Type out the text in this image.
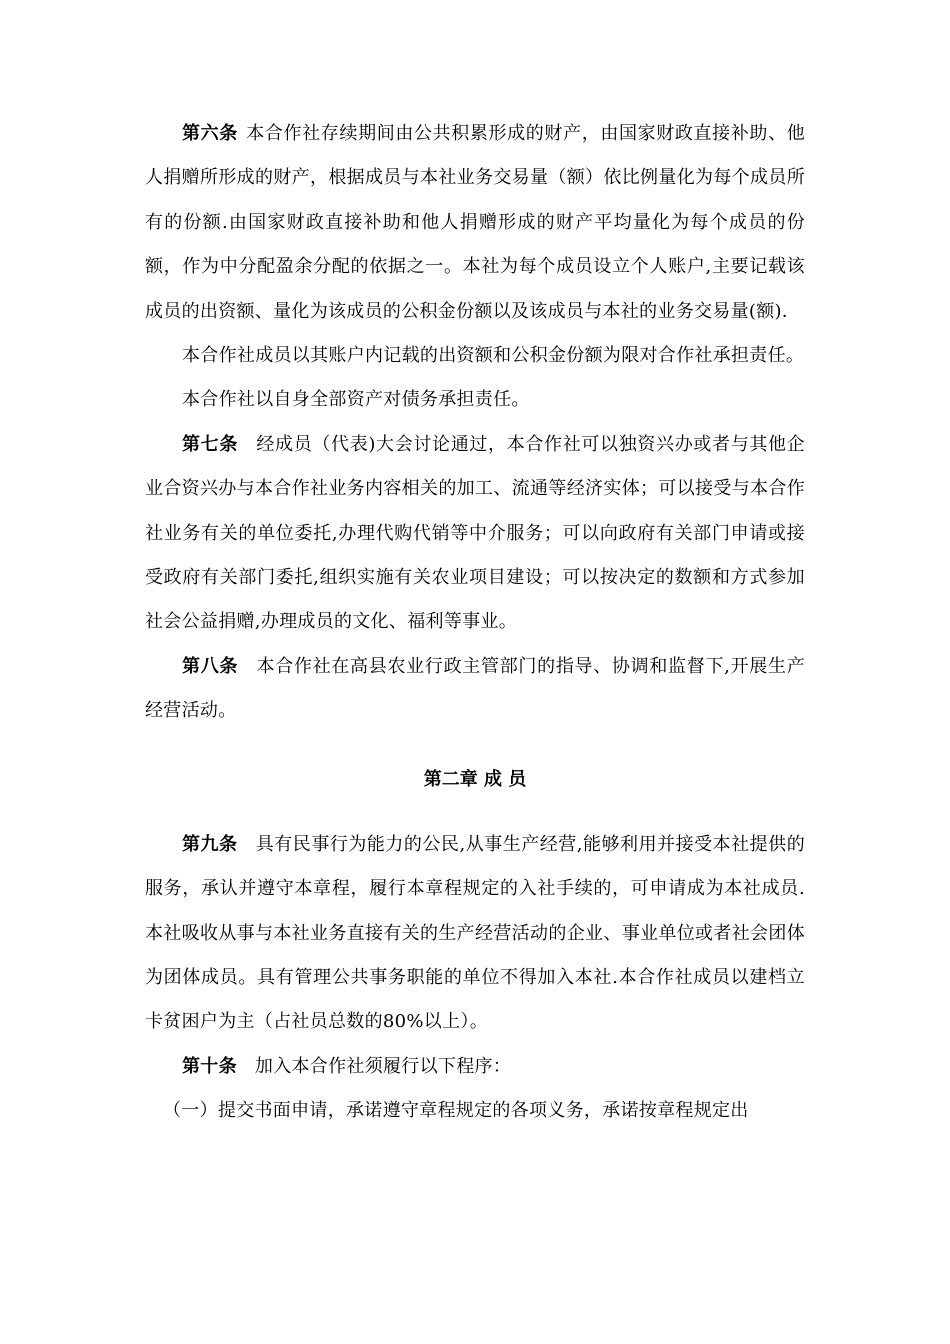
第六条 本合作社存续期间由公共积累形成的财产，由国家财政直接补助、他人捐赠所形成的财产，根据成员与本社业务交易量（额）依比例量化为每个成员所有的份额.由国家财政直接补助和他人捐赠形成的财产平均量化为每个成员的份额，作为中分配盈余分配的依据之一。本社为每个成员设立个人账户,主要记载该成员的出资额、量化为该成员的公积金份额以及该成员与本社的业务交易量(额)．

本合作社成员以其账户内记载的出资额和公积金份额为限对合作社承担责任。

本合作社以自身全部资产对债务承担责任。

第七条 经成员（代表)大会讨论通过，本合作社可以独资兴办或者与其他企业合资兴办与本合作社业务内容相关的加工、流通等经济实体；可以接受与本合作社业务有关的单位委托,办理代购代销等中介服务；可以向政府有关部门申请或接受政府有关部门委托,组织实施有关农业项目建设；可以按决定的数额和方式参加社会公益捐赠,办理成员的文化、福利等事业。

第八条 本合作社在高县农业行政主管部门的指导、协调和监督下,开展生产经营活动。

第二章 成 员

第九条 具有民事行为能力的公民,从事生产经营,能够利用并接受本社提供的服务，承认并遵守本章程，履行本章程规定的入社手续的，可申请成为本社成员.本社吸收从事与本社业务直接有关的生产经营活动的企业、事业单位或者社会团体为团体成员。具有管理公共事务职能的单位不得加入本社.本合作社成员以建档立卡贫困户为主（占社员总数的80%以上）。

第十条 加入本合作社须履行以下程序：

（一）提交书面申请，承诺遵守章程规定的各项义务，承诺按章程规定出
